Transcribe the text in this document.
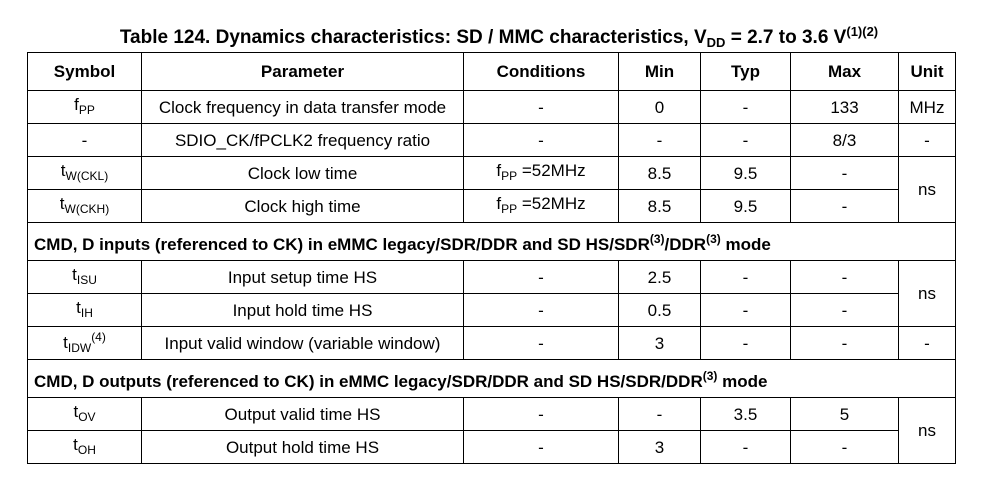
Table 124. Dynamics characteristics: SD / MMC characteristics, $V_{DD} = 2.7$ to 3.6 $V^{(1)(2)}$
Symbol	Parameter	Conditions	Min	Typ	Max	Unit
$f_{PP}$	Clock frequency in data transfer mode	-	0	-	133	MHz
-	SDIO_CK/fPCLK2 frequency ratio	-	-	-	8/3	-
$t_{W(CKL)}$	Clock low time	$f_{PP} =52MHz$	8.5	9.5	-	ns
$t_{W(CKH)}$	Clock high time	$f_{PP} =52MHz$	8.5	9.5	-	
CMD, D inputs (referenced to CK) in eMMC legacy/SDR/DDR and SD HS/SDR$^{(3)}$/DDR$^{(3)}$ mode						
$t_{ISU}$	Input setup time HS	-	2.5	-	-	ns
$t_{IH}$	Input hold time HS	-	0.5	-	-	
$t_{IDW}^{(4)}$	Input valid window (variable window)	-	3	-	-	-
CMD, D outputs (referenced to CK) in eMMC legacy/SDR/DDR and SD HS/SDR/DDR$^{(3)}$ mode						
$t_{OV}$	Output valid time HS	-	-	3.5	5	ns
$t_{OH}$	Output hold time HS	-	3	-	-	
